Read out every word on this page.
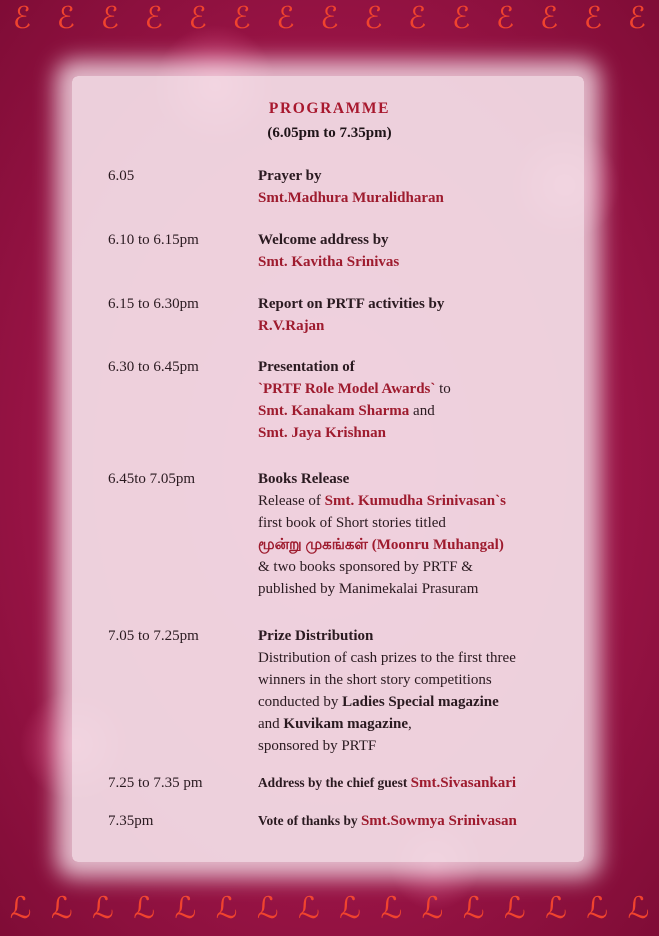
ℰ ℰ ℰ ℰ ℰ ℰ ℰ ℰ ℰ ℰ ℰ ℰ ℰ ℰ ℰ
ℒ ℒ ℒ ℒ ℒ ℒ ℒ ℒ ℒ ℒ ℒ ℒ ℒ ℒ ℒ ℒ
PROGRAMME
(6.05pm to 7.35pm)
6.05	Prayer by
Smt.Madhura Muralidharan
6.10 to 6.15pm	Welcome address by
Smt. Kavitha Srinivas
6.15 to 6.30pm	Report on PRTF activities by
R.V.Rajan
6.30 to 6.45pm	Presentation of
`PRTF Role Model Awards` to
Smt. Kanakam Sharma and
Smt. Jaya Krishnan
6.45to 7.05pm	Books Release
Release of Smt. Kumudha Srinivasan`s
first book of Short stories titled
மூன்று முகங்கள் (Moonru Muhangal)
& two books sponsored by PRTF &
published by Manimekalai Prasuram
7.05 to 7.25pm	Prize Distribution
Distribution of cash prizes to the first three
winners in the short story competitions
conducted by Ladies Special magazine
and Kuvikam magazine,
sponsored by PRTF
7.25 to 7.35 pm	Address by the chief guest Smt.Sivasankari
7.35pm	Vote of thanks by Smt.Sowmya Srinivasan
